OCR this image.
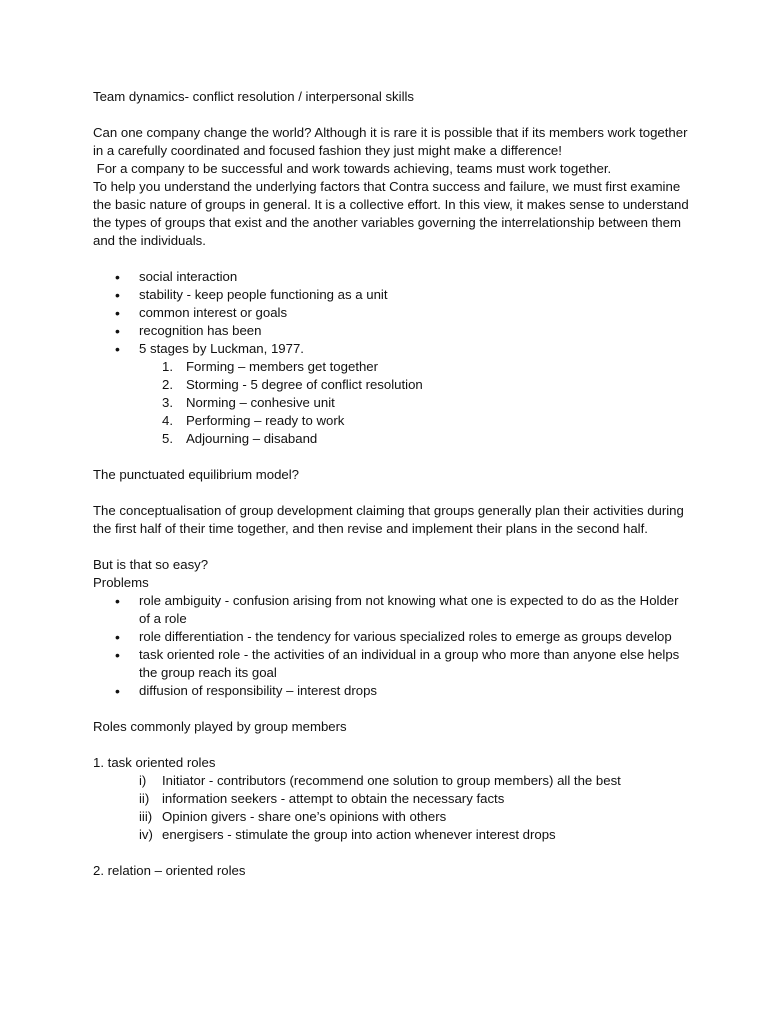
Team dynamics- conflict resolution / interpersonal skills

Can one company change the world? Although it is rare it is possible that if its members work together in a carefully coordinated and focused fashion they just might make a difference!

For a company to be successful and work towards achieving, teams must work together.

To help you understand the underlying factors that Contra success and failure, we must first examine the basic nature of groups in general. It is a collective effort. In this view, it makes sense to understand the types of groups that exist and the another variables governing the interrelationship between them and the individuals.

• social interaction
• stability - keep people functioning as a unit
• common interest or goals
• recognition has been
• 5 stages by Luckman, 1977.
1. Forming – members get together
2. Storming - 5 degree of conflict resolution
3. Norming – conhesive unit
4. Performing – ready to work
5. Adjourning – disaband

The punctuated equilibrium model?

The conceptualisation of group development claiming that groups generally plan their activities during the first half of their time together, and then revise and implement their plans in the second half.

But is that so easy?

Problems

• role ambiguity - confusion arising from not knowing what one is expected to do as the Holder of a role
• role differentiation - the tendency for various specialized roles to emerge as groups develop
• task oriented role - the activities of an individual in a group who more than anyone else helps the group reach its goal
• diffusion of responsibility – interest drops

Roles commonly played by group members

1. task oriented roles

i) Initiator - contributors (recommend one solution to group members) all the best
ii) information seekers - attempt to obtain the necessary facts
iii) Opinion givers - share one’s opinions with others
iv) energisers - stimulate the group into action whenever interest drops

2. relation – oriented roles
